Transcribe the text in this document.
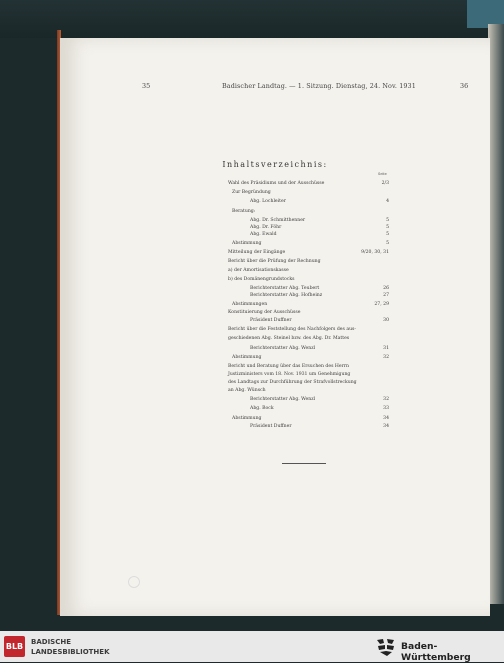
35	Badischer Landtag. — 1. Sitzung. Dienstag, 24. Nov. 1931	36
Inhaltsverzeichnis:
Seite
Wahl des Präsidiums und der Ausschüsse	2/3
Zur Begründung
Abg. Lochleiter	4
Beratung:
Abg. Dr. Schmitthenner	5
Abg. Dr. Föhr	5
Abg. Ewald	5
Abstimmung	5
Mitteilung der Eingänge	9/20, 30, 31
Bericht über die Prüfung der Rechnung
a) der Amortisationskasse
b) des Domänengrundstocks
Berichterstatter Abg. Teubert	26
Berichterstatter Abg. Hofheinz	27
Abstimmungen	27, 29
Konstituierung der Ausschüsse
Präsident Duffner	30
Bericht über die Feststellung des Nachfolgers des aus-
geschiedenen Abg. Steinel bzw. des Abg. Dr. Mattes
Berichterstatter Abg. Wenzl	31
Abstimmung	32
Bericht und Beratung über das Ersuchen des Herrn
Justizministers vom 18. Nov. 1931 um Genehmigung
des Landtags zur Durchführung der Strafvollstreckung
an Abg. Wünsch
Berichterstatter Abg. Wenzl	32
Abg. Bock	33
Abstimmung	34
Präsident Duffner	34
BLB BADISCHE
LANDESBIBLIOTHEK	Baden-Württemberg
